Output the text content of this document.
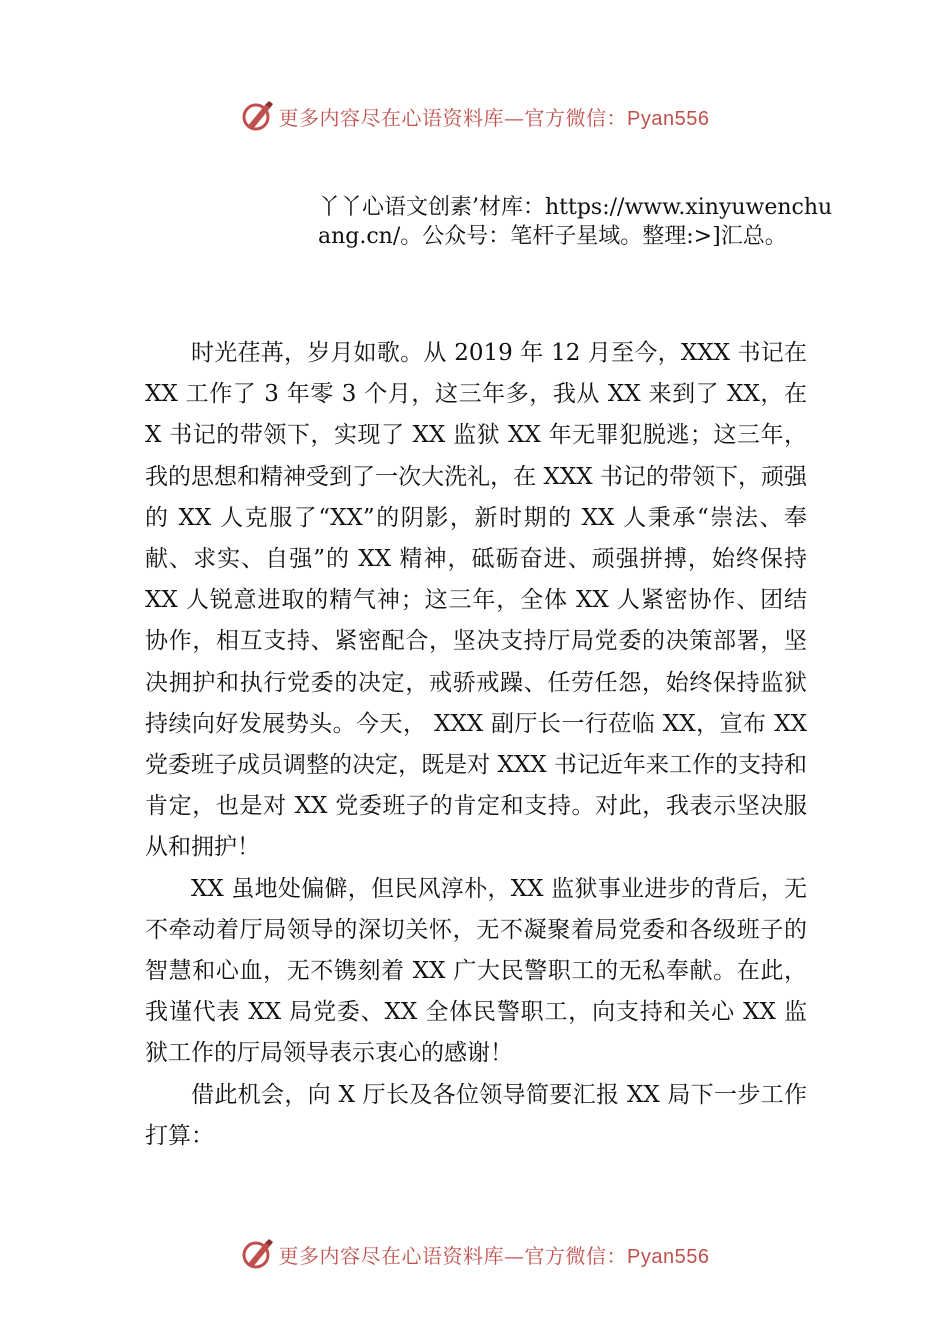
更多内容尽在心语资料库—官方微信：Pyan556
丫丫心语文创素’材库：https://www.xinyuwenchuang.cn/。公众号：笔杆子星域。整理:>]汇总。

时光荏苒，岁月如歌。从 2019 年 12 月至今，XXX 书记在 XX 工作了 3 年零 3 个月，这三年多，我从 XX 来到了 XX，在 X 书记的带领下，实现了 XX 监狱 XX 年无罪犯脱逃；这三年，我的思想和精神受到了一次大洗礼，在 XXX 书记的带领下，顽强的 XX 人克服了“XX”的阴影，新时期的 XX 人秉承“崇法、奉献、求实、自强”的 XX 精神，砥砺奋进、顽强拼搏，始终保持 XX 人锐意进取的精气神；这三年，全体 XX 人紧密协作、团结协作，相互支持、紧密配合，坚决支持厅局党委的决策部署，坚决拥护和执行党委的决定，戒骄戒躁、任劳任怨，始终保持监狱持续向好发展势头。今天， XXX 副厅长一行莅临 XX，宣布 XX 党委班子成员调整的决定，既是对 XXX 书记近年来工作的支持和肯定，也是对 XX 党委班子的肯定和支持。对此，我表示坚决服从和拥护！

XX 虽地处偏僻，但民风淳朴，XX 监狱事业进步的背后，无不牵动着厅局领导的深切关怀，无不凝聚着局党委和各级班子的智慧和心血，无不镌刻着 XX 广大民警职工的无私奉献。在此，我谨代表 XX 局党委、XX 全体民警职工，向支持和关心 XX 监狱工作的厅局领导表示衷心的感谢！

借此机会，向 X 厅长及各位领导简要汇报 XX 局下一步工作打算：

更多内容尽在心语资料库—官方微信：Pyan556
